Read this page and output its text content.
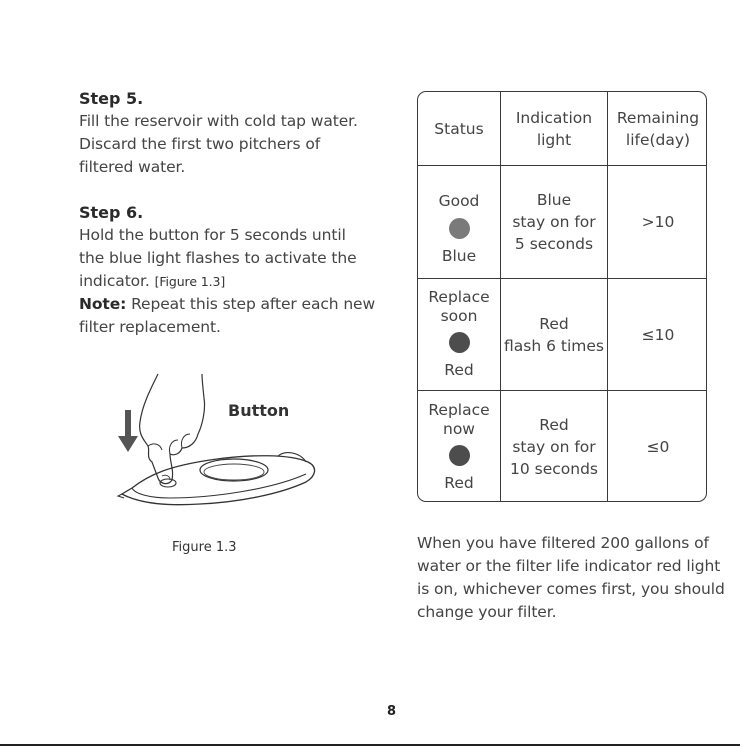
Step 5.
Fill the reservoir with cold tap water.
Discard the first two pitchers of
filtered water.
Step 6.
Hold the button for 5 seconds until
the blue light flashes to activate the
indicator. [Figure 1.3]
Note: Repeat this step after each new
filter replacement.
Button
Figure 1.3
Status
Indication
light
Remaining
life(day)
Good
Blue
Blue
stay on for
5 seconds
>10
Replace
soon
Red
Red
flash 6 times
≤10
Replace
now
Red
Red
stay on for
10 seconds
≤0
When you have filtered 200 gallons of
water or the filter life indicator red light
is on, whichever comes first, you should
change your filter.
8
